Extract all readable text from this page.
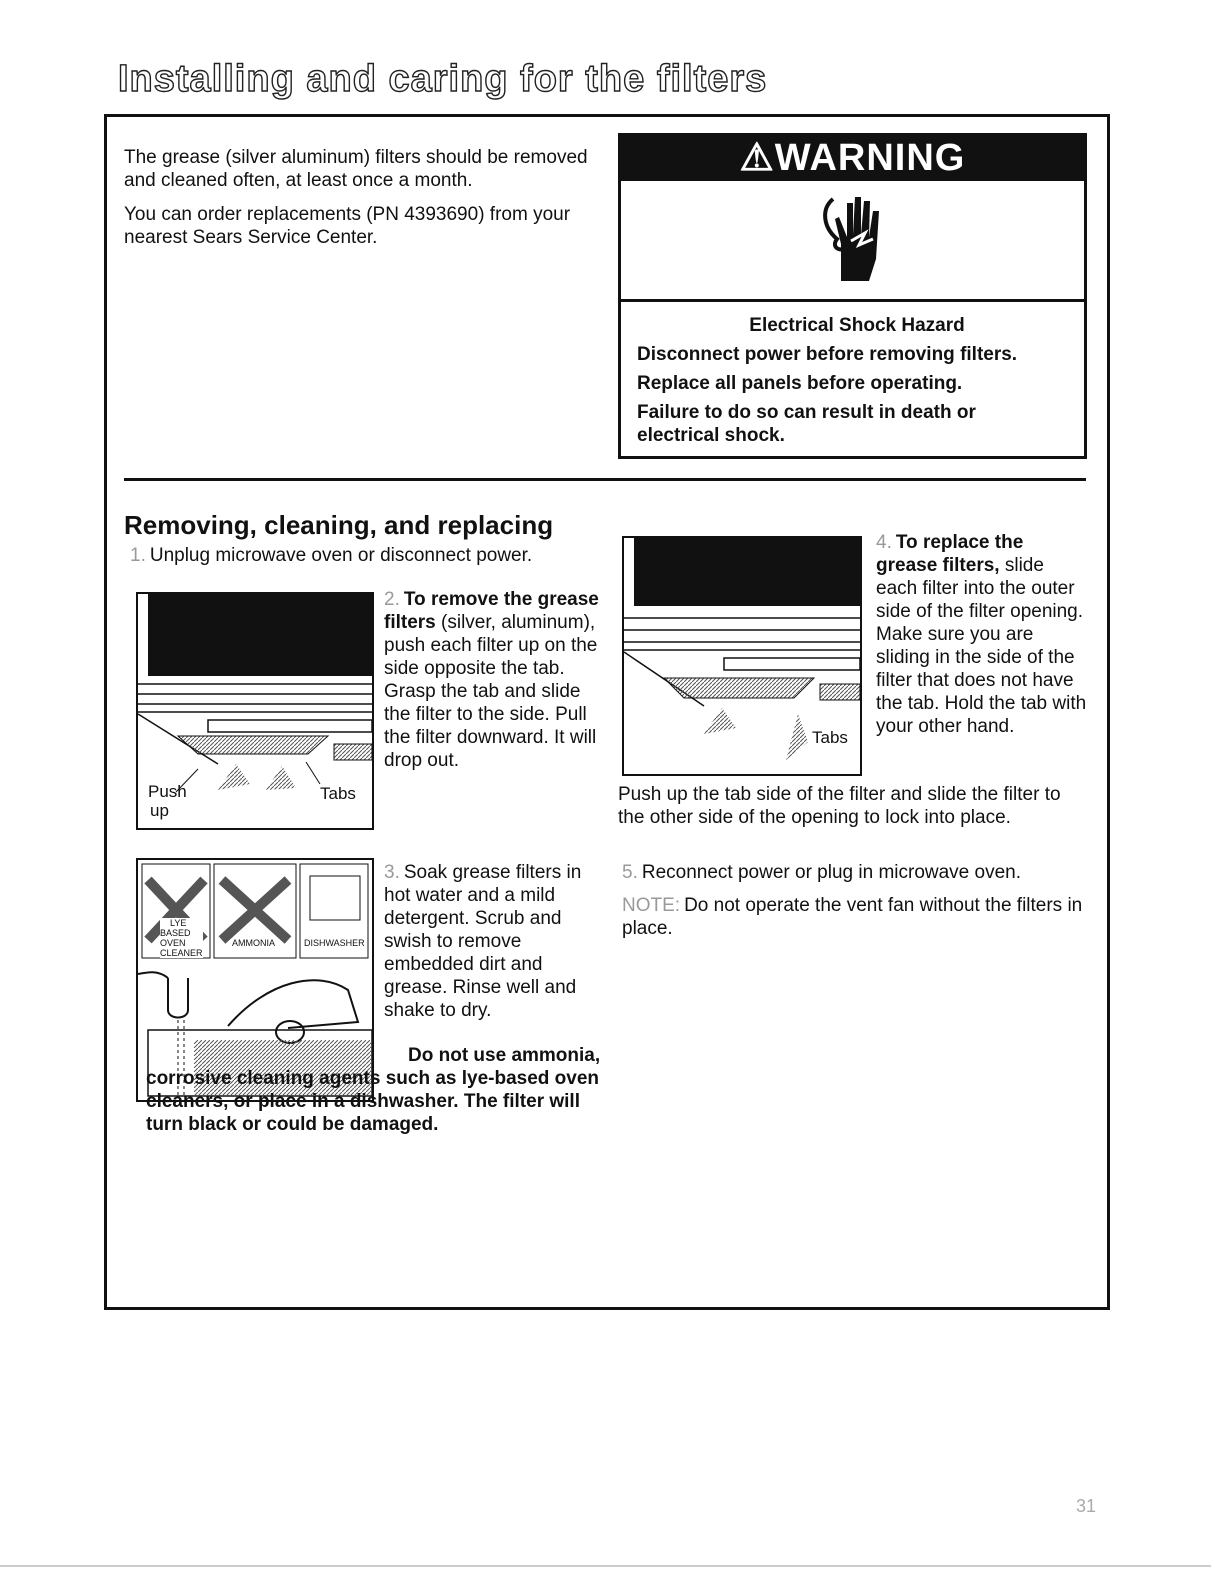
Installing and caring for the filters

The grease (silver aluminum) filters should be removed and cleaned often, at least once a month.

You can order replacements (PN 4393690) from your nearest Sears Service Center.

⚠WARNING
Electrical Shock Hazard

Disconnect power before removing filters.

Replace all panels before operating.

Failure to do so can result in death or electrical shock.

Removing, cleaning, and replacing
1. Unplug microwave oven or disconnect power.
Push
up
Tabs
2. To remove the grease filters (silver, aluminum), push each filter up on the side opposite the tab. Grasp the tab and slide the filter to the side. Pull the filter downward. It will drop out.
LYE
BASED
OVEN
CLEANER
AMMONIA	DISHWASHER
3. Soak grease filters in hot water and a mild detergent. Scrub and swish to remove embedded dirt and grease. Rinse well and shake to dry.
Do not use ammonia, corrosive cleaning agents such as lye-based oven cleaners, or place in a dishwasher. The filter will turn black or could be damaged.
Tabs
4. To replace the grease filters, slide each filter into the outer side of the filter opening. Make sure you are sliding in the side of the filter that does not have the tab. Hold the tab with your other hand.
Push up the tab side of the filter and slide the filter to the other side of the opening to lock into place.
5. Reconnect power or plug in microwave oven.
NOTE: Do not operate the vent fan without the filters in place.
31
